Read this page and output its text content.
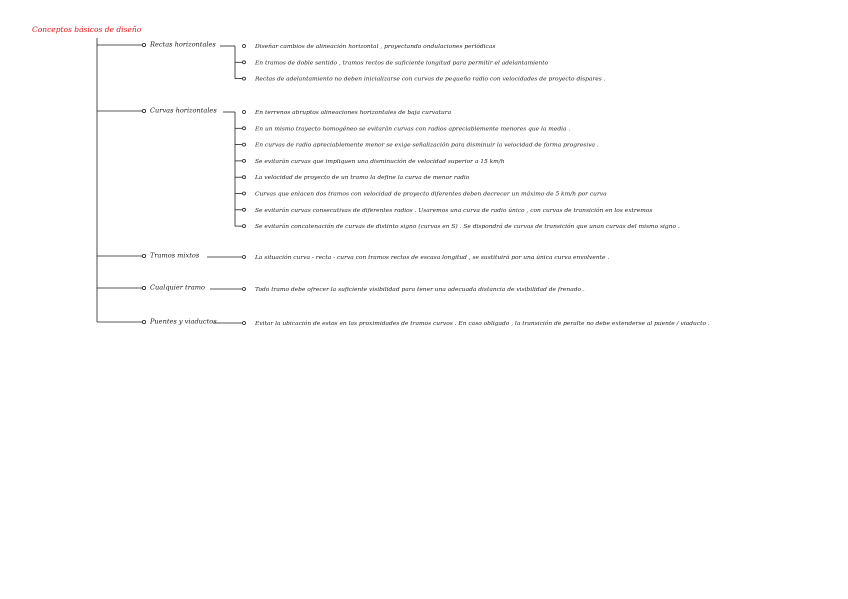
Conceptos básicos de diseño
Rectas horizontales	Diseñar cambios de alineación horizontal , proyectando ondulaciones periódicas
En tramos de doble sentido , tramos rectos de suficiente longitud para permitir el adelantamiento
Rectas de adelantamiento no deben inicializarse con curvas de pequeño radio con velocidades de proyecto dispares .
Curvas horizontales	En terrenos abruptos alineaciones horizontales de baja curvatura
En un mismo trayecto homogéneo se evitarán curvas con radios apreciablemente menores que la media .
En curvas de radio apreciablemente menor se exige señalización para disminuir la velocidad de forma progresiva .
Se evitarán curvas que impliquen una disminución de velocidad superior a 15 km/h
La velocidad de proyecto de un tramo la define la curva de menor radio
Curvas que enlacen dos tramos con velocidad de proyecto diferentes deben decrecer un máximo de 5 km/h por curva
Se evitarán curvas consecutivas de diferentes radios . Usaremos una curva de radio único , con curvas de transición en los extremos
Se evitarán concatenación de curvas de distinto signo (curvas en S) . Se dispondrá de curvas de transición que unan curvas del mismo signo .
Tramos mixtos	La situación curva - recta - curva con tramos rectos de escasa longitud , se sustituirá por una única curva envolvente .
Cualquier tramo	Todo tramo debe ofrecer la suficiente visibilidad para tener una adecuada distancia de visibilidad de frenado .
Puentes y viaductos	Evitar la ubicación de estos en las proximidades de tramos curvos . En caso obligado , la transición de peralte no debe extenderse al puente / viaducto .
